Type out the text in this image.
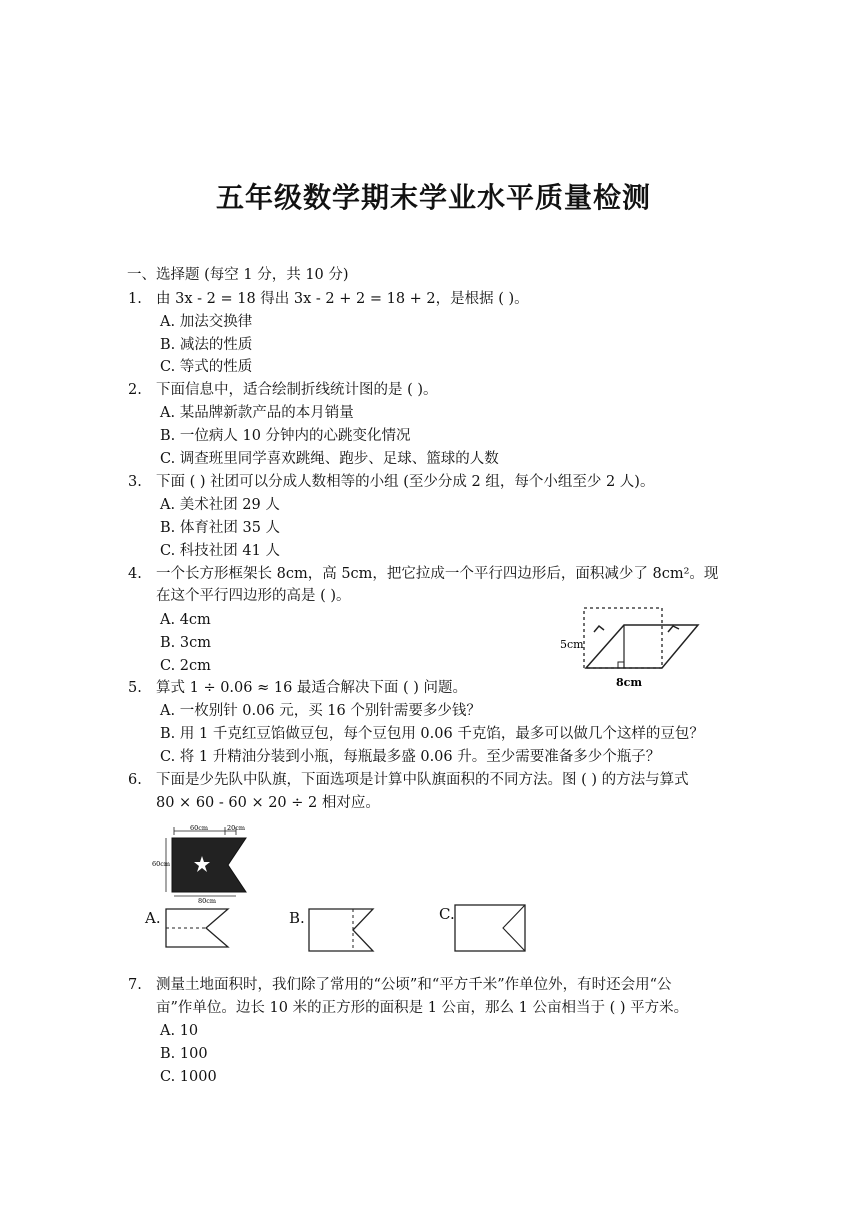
五年级数学期末学业水平质量检测
一、选择题 (每空 1 分，共 10 分)
1. 由 3x - 2 = 18 得出 3x - 2 + 2 = 18 + 2，是根据 ( )。
A. 加法交换律
B. 减法的性质
C. 等式的性质
2. 下面信息中，适合绘制折线统计图的是 ( )。
A. 某品牌新款产品的本月销量
B. 一位病人 10 分钟内的心跳变化情况
C. 调查班里同学喜欢跳绳、跑步、足球、篮球的人数
3. 下面 ( ) 社团可以分成人数相等的小组 (至少分成 2 组，每个小组至少 2 人)。
A. 美术社团 29 人
B. 体育社团 35 人
C. 科技社团 41 人
4. 一个长方形框架长 8cm，高 5cm，把它拉成一个平行四边形后，面积减少了 8cm²。现
在这个平行四边形的高是 ( )。
A. 4cm
B. 3cm
C. 2cm
5cm
8cm
5. 算式 1 ÷ 0.06 ≈ 16 最适合解决下面 ( ) 问题。
A. 一枚别针 0.06 元，买 16 个别针需要多少钱？
B. 用 1 千克红豆馅做豆包，每个豆包用 0.06 千克馅，最多可以做几个这样的豆包？
C. 将 1 升精油分装到小瓶，每瓶最多盛 0.06 升。至少需要准备多少个瓶子？
6. 下面是少先队中队旗，下面选项是计算中队旗面积的不同方法。图 ( ) 的方法与算式
80 × 60 - 60 × 20 ÷ 2 相对应。
60cm	20cm
60cm
80cm
A.	B.	C.
7. 测量土地面积时，我们除了常用的“公顷”和“平方千米”作单位外，有时还会用“公
亩”作单位。边长 10 米的正方形的面积是 1 公亩，那么 1 公亩相当于 ( ) 平方米。
A. 10
B. 100
C. 1000
